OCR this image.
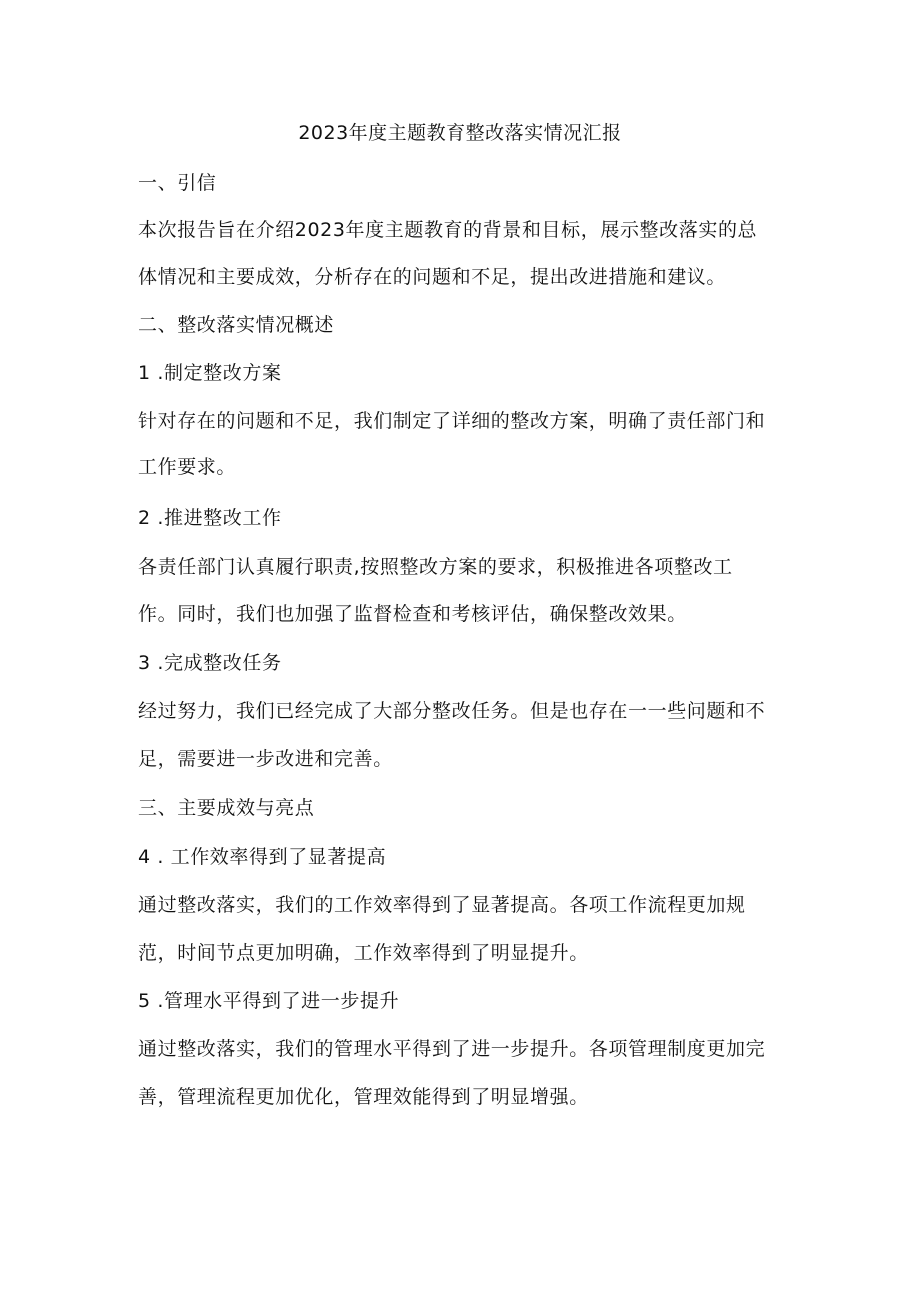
2023年度主题教育整改落实情况汇报

一、引信

本次报告旨在介绍2023年度主题教育的背景和目标，展示整改落实的总

体情况和主要成效，分析存在的问题和不足，提出改进措施和建议。

二、整改落实情况概述

1 .制定整改方案

针对存在的问题和不足，我们制定了详细的整改方案，明确了责任部门和

工作要求。

2 .推进整改工作

各责任部门认真履行职责,按照整改方案的要求，积极推进各项整改工

作。同时，我们也加强了监督检查和考核评估，确保整改效果。

3 .完成整改任务

经过努力，我们已经完成了大部分整改任务。但是也存在一一些问题和不

足，需要进一步改进和完善。

三、主要成效与亮点

4 . 工作效率得到了显著提高

通过整改落实，我们的工作效率得到了显著提高。各项工作流程更加规

范，时间节点更加明确，工作效率得到了明显提升。

5 .管理水平得到了进一步提升

通过整改落实，我们的管理水平得到了进一步提升。各项管理制度更加完

善，管理流程更加优化，管理效能得到了明显增强。
